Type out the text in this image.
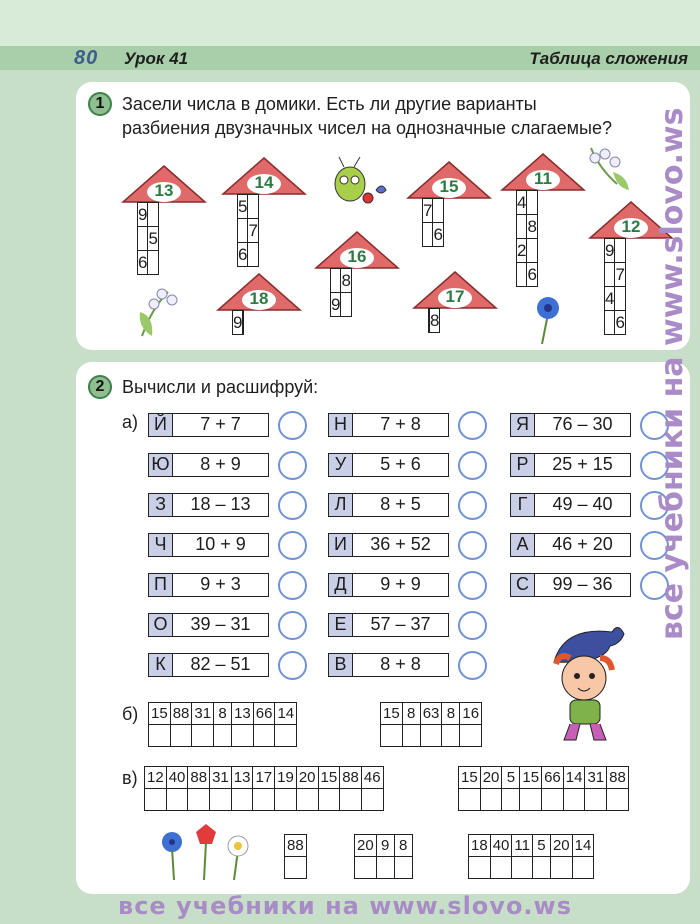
80 Урок 41	Таблица сложения
1 Засели числа в домики. Есть ли другие варианты
разбиения двузначных чисел на однозначные слагаемые?
13
9	
	5
6	
14
5	
	7
6	
15
7	
	6
11
4	
	8
2	
	6
12
9	
	7
4	
	6
16
	8
9	
18
9	
17
	8
2 Вычисли и расшифруй:
а) Й	7 + 7
Ю	8 + 9
З	18 – 13
Ч	10 + 9
П	9 + 3
О	39 – 31
К	82 – 51
Н	7 + 8
У	5 + 6
Л	8 + 5
И	36 + 52
Д	9 + 9
Е	57 – 37
В	8 + 8
Я	76 – 30
Р	25 + 15
Г	49 – 40
А	46 + 20
С	99 – 36
б)
в)
15	88	31	8	13	66	14
							15	8	63	8	16

12	40	88	31	13	17	19	20	15	88	46
											15	20	5	15	66	14	31	88

88	20	9	8
			18	40	11	5	20	14

все учебники на www.slovo.ws
все учебники на www.slovo.ws
